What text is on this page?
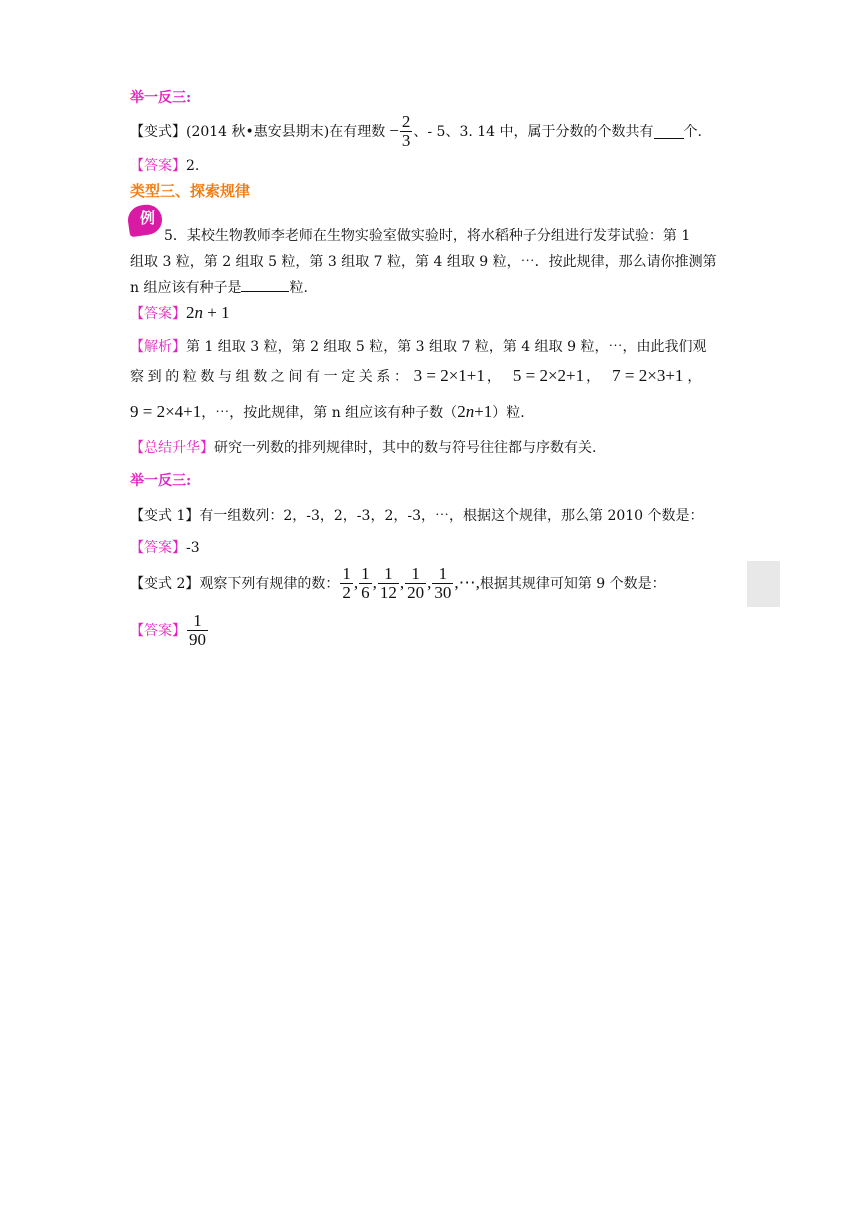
举一反三:
【变式】 (2014 秋•惠安县期末) 在有理数 − $\frac{2}{3}$ 、- 5、3. 14 中，属于分数的个数共有 个.
【答案】2.
类型三、探索规律
例
5．某校生物教师李老师在生物实验室做实验时，将水稻种子分组进行发芽试验：第 1
组取 3 粒，第 2 组取 5 粒，第 3 组取 7 粒，第 4 组取 9 粒，⋯．按此规律，那么请你推测第
n 组应该有种子是	粒.
【答案】 2n + 1
【解析】第 1 组取 3 粒，第 2 组取 5 粒，第 3 组取 7 粒，第 4 组取 9 粒，⋯，由此我们观
察到的粒数与组数之间有一定关系： 3 = 2×1+1 ， 5 = 2×2+1 ， 7 = 2×3+1 ，
9 = 2×4+1 ，⋯，按此规律，第 n 组应该有种子数（ 2n+1 ）粒.
【总结升华】研究一列数的排列规律时，其中的数与符号往往都与序数有关.
举一反三:
【变式 1】有一组数列：2，-3，2，-3，2，-3，⋯，根据这个规律，那么第 2010 个数是：
【答案】-3
【变式 2】 观察下列有规律的数： $\frac{1}{2}$ , $\frac{1}{6}$ , $\frac{1}{12}$ , $\frac{1}{20}$ , $\frac{1}{30}$ ,⋯, 根据其规律可知第 9 个数是：
【答案】 $\frac{1}{90}$
